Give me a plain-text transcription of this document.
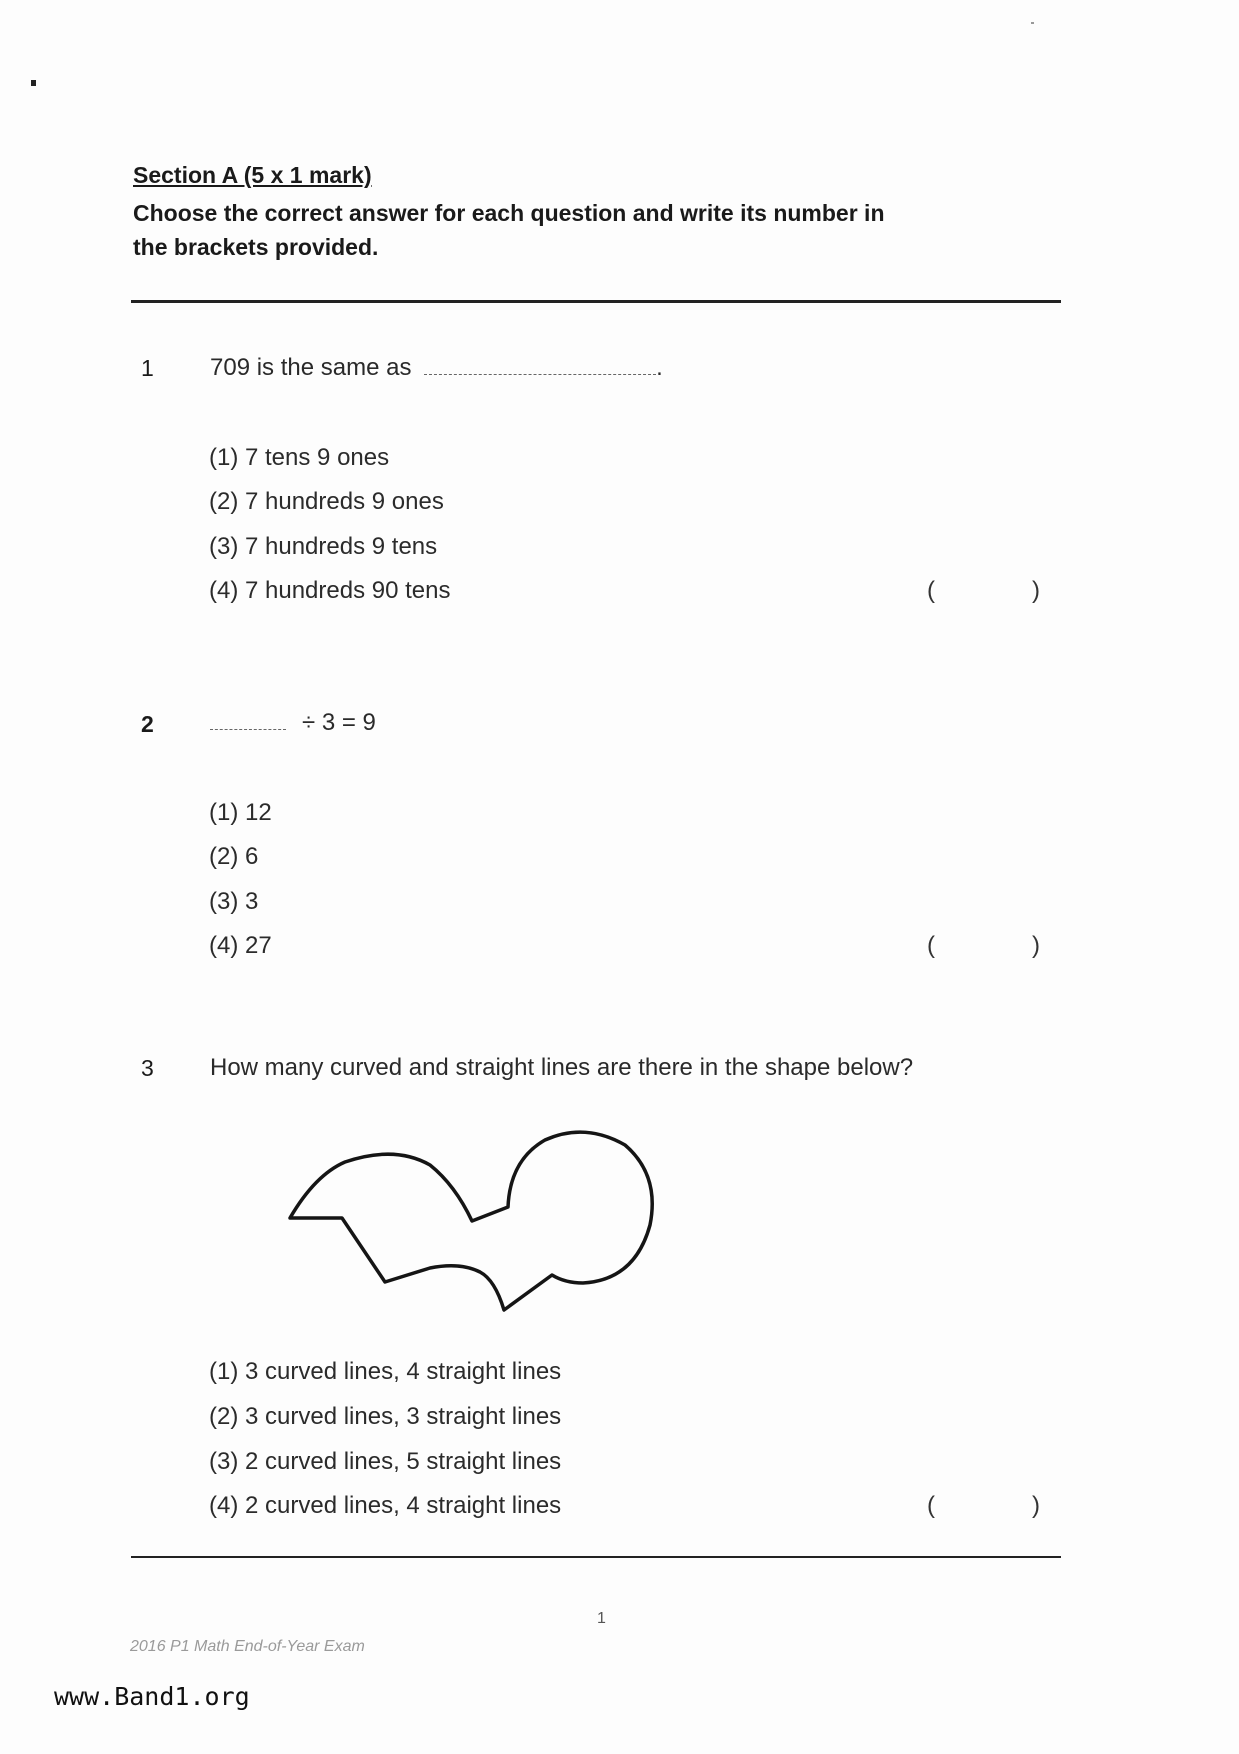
Section A (5 x 1 mark)
Choose the correct answer for each question and write its number in
the brackets provided.
1 709 is the same as	.
(1) 7 tens 9 ones
(2) 7 hundreds 9 ones
(3) 7 hundreds 9 tens
(4) 7 hundreds 90 tens	(	)
2	÷ 3 = 9
(1) 12
(2) 6
(3) 3
(4) 27	(	)
3 How many curved and straight lines are there in the shape below?
(1) 3 curved lines, 4 straight lines
(2) 3 curved lines, 3 straight lines
(3) 2 curved lines, 5 straight lines
(4) 2 curved lines, 4 straight lines	(	)
1
2016 P1 Math End-of-Year Exam
www.Band1.org
